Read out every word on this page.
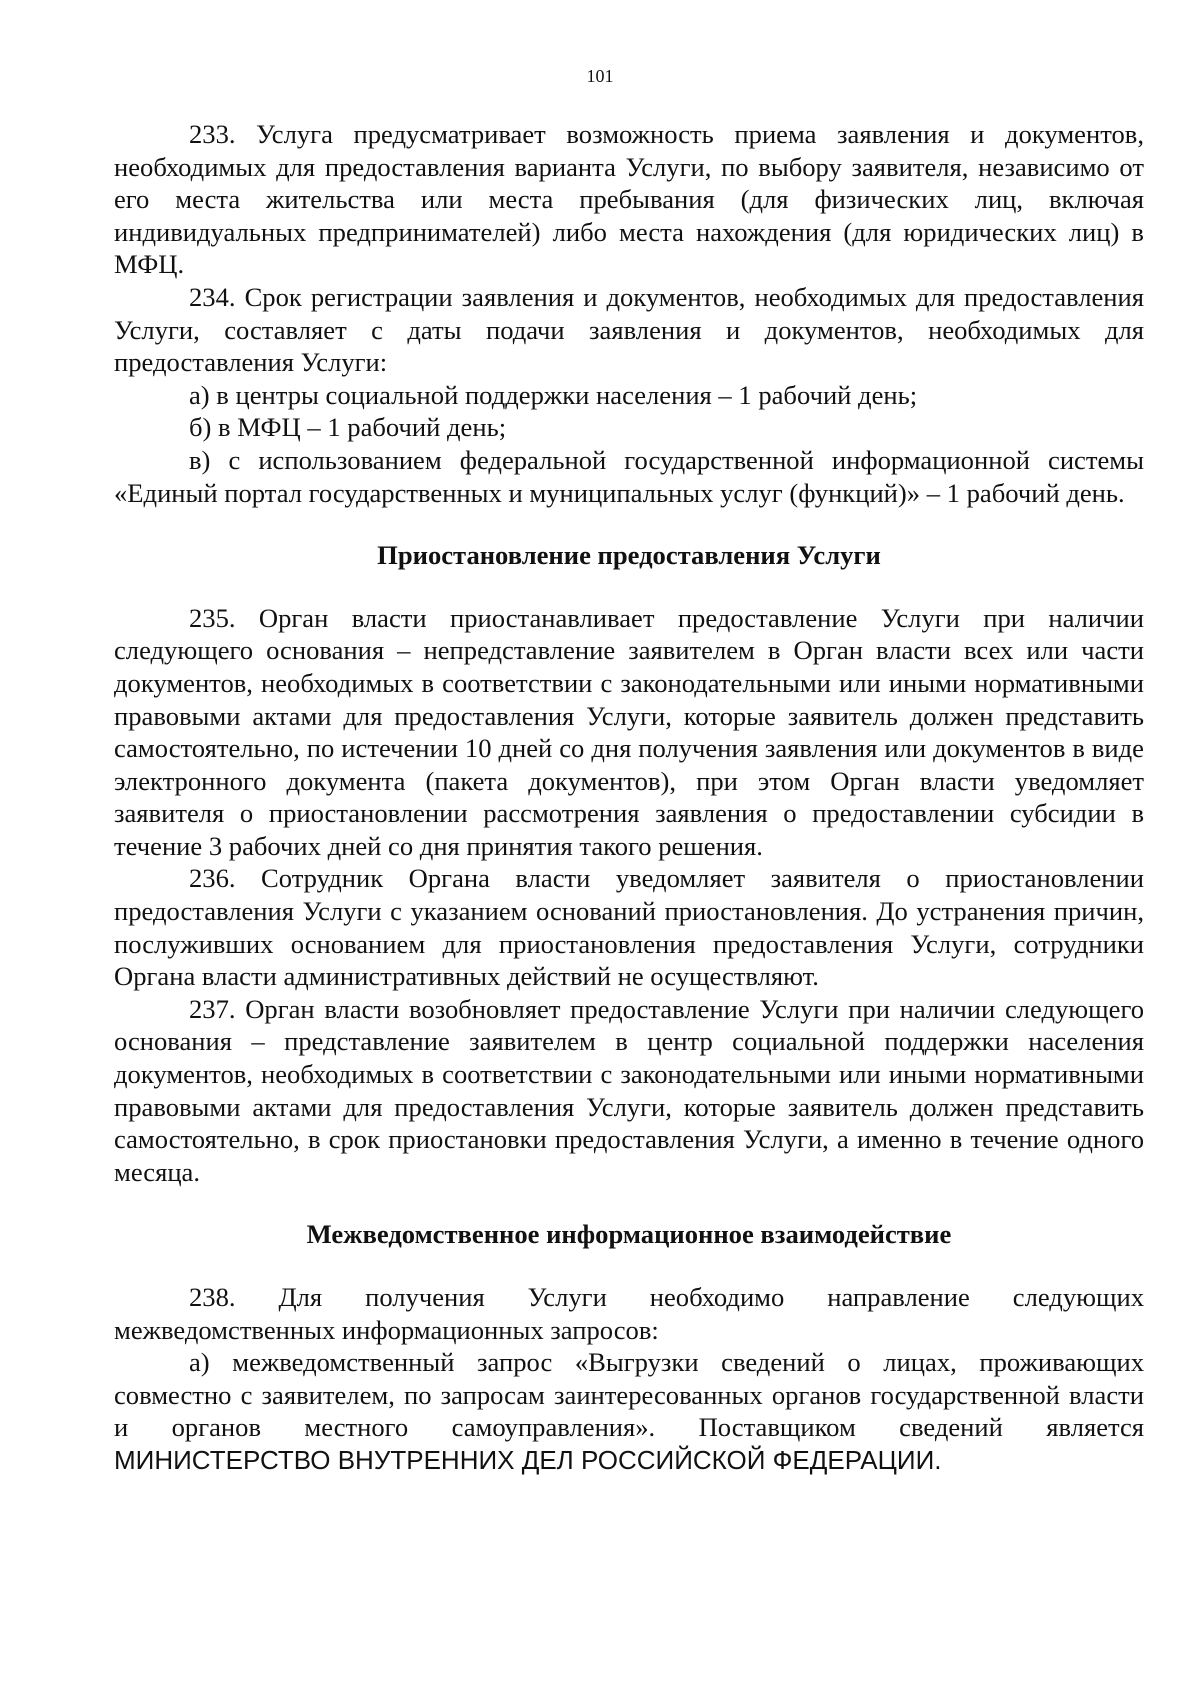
101

233. Услуга предусматривает возможность приема заявления и документов, необходимых для предоставления варианта Услуги, по выбору заявителя, независимо от его места жительства или места пребывания (для физических лиц, включая индивидуальных предпринимателей) либо места нахождения (для юридических лиц) в МФЦ.

234. Срок регистрации заявления и документов, необходимых для предоставления Услуги, составляет с даты подачи заявления и документов, необходимых для предоставления Услуги:

а) в центры социальной поддержки населения – 1 рабочий день;

б) в МФЦ – 1 рабочий день;

в) с использованием федеральной государственной информационной системы «Единый портал государственных и муниципальных услуг (функций)» – 1 рабочий день.

Приостановление предоставления Услуги

235. Орган власти приостанавливает предоставление Услуги при наличии следующего основания – непредставление заявителем в Орган власти всех или части документов, необходимых в соответствии с законодательными или иными нормативными правовыми актами для предоставления Услуги, которые заявитель должен представить самостоятельно, по истечении 10 дней со дня получения заявления или документов в виде электронного документа (пакета документов), при этом Орган власти уведомляет заявителя о приостановлении рассмотрения заявления о предоставлении субсидии в течение 3 рабочих дней со дня принятия такого решения.

236. Сотрудник Органа власти уведомляет заявителя о приостановлении предоставления Услуги с указанием оснований приостановления. До устранения причин, послуживших основанием для приостановления предоставления Услуги, сотрудники Органа власти административных действий не осуществляют.

237. Орган власти возобновляет предоставление Услуги при наличии следующего основания – представление заявителем в центр социальной поддержки населения документов, необходимых в соответствии с законодательными или иными нормативными правовыми актами для предоставления Услуги, которые заявитель должен представить самостоятельно, в срок приостановки предоставления Услуги, а именно в течение одного месяца.

Межведомственное информационное взаимодействие

238. Для получения Услуги необходимо направление следующих межведомственных информационных запросов:

а) межведомственный запрос «Выгрузки сведений о лицах, проживающих совместно с заявителем, по запросам заинтересованных органов государственной власти и органов местного самоуправления». Поставщиком сведений является МИНИСТЕРСТВО ВНУТРЕННИХ ДЕЛ РОССИЙСКОЙ ФЕДЕРАЦИИ.
